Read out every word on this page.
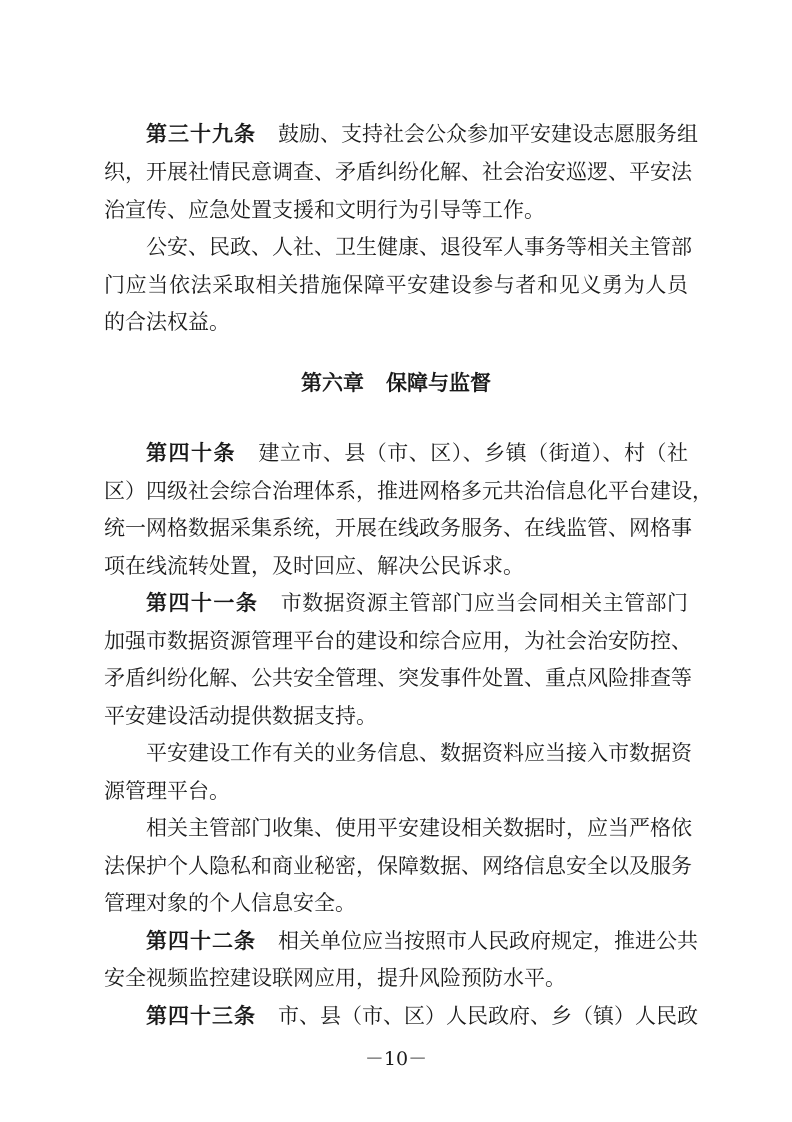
第三十九条 鼓励、支持社会公众参加平安建设志愿服务组
织，开展社情民意调查、矛盾纠纷化解、社会治安巡逻、平安法
治宣传、应急处置支援和文明行为引导等工作。
公安、民政、人社、卫生健康、退役军人事务等相关主管部
门应当依法采取相关措施保障平安建设参与者和见义勇为人员
的合法权益。
第六章 保障与监督
第四十条 建立市、县（市、区）、乡镇（街道）、村（社
区）四级社会综合治理体系，推进网格多元共治信息化平台建设，
统一网格数据采集系统，开展在线政务服务、在线监管、网格事
项在线流转处置，及时回应、解决公民诉求。
第四十一条 市数据资源主管部门应当会同相关主管部门
加强市数据资源管理平台的建设和综合应用，为社会治安防控、
矛盾纠纷化解、公共安全管理、突发事件处置、重点风险排查等
平安建设活动提供数据支持。
平安建设工作有关的业务信息、数据资料应当接入市数据资
源管理平台。
相关主管部门收集、使用平安建设相关数据时，应当严格依
法保护个人隐私和商业秘密，保障数据、网络信息安全以及服务
管理对象的个人信息安全。
第四十二条 相关单位应当按照市人民政府规定，推进公共
安全视频监控建设联网应用，提升风险预防水平。
第四十三条 市、县（市、区）人民政府、乡（镇）人民政
－10－
